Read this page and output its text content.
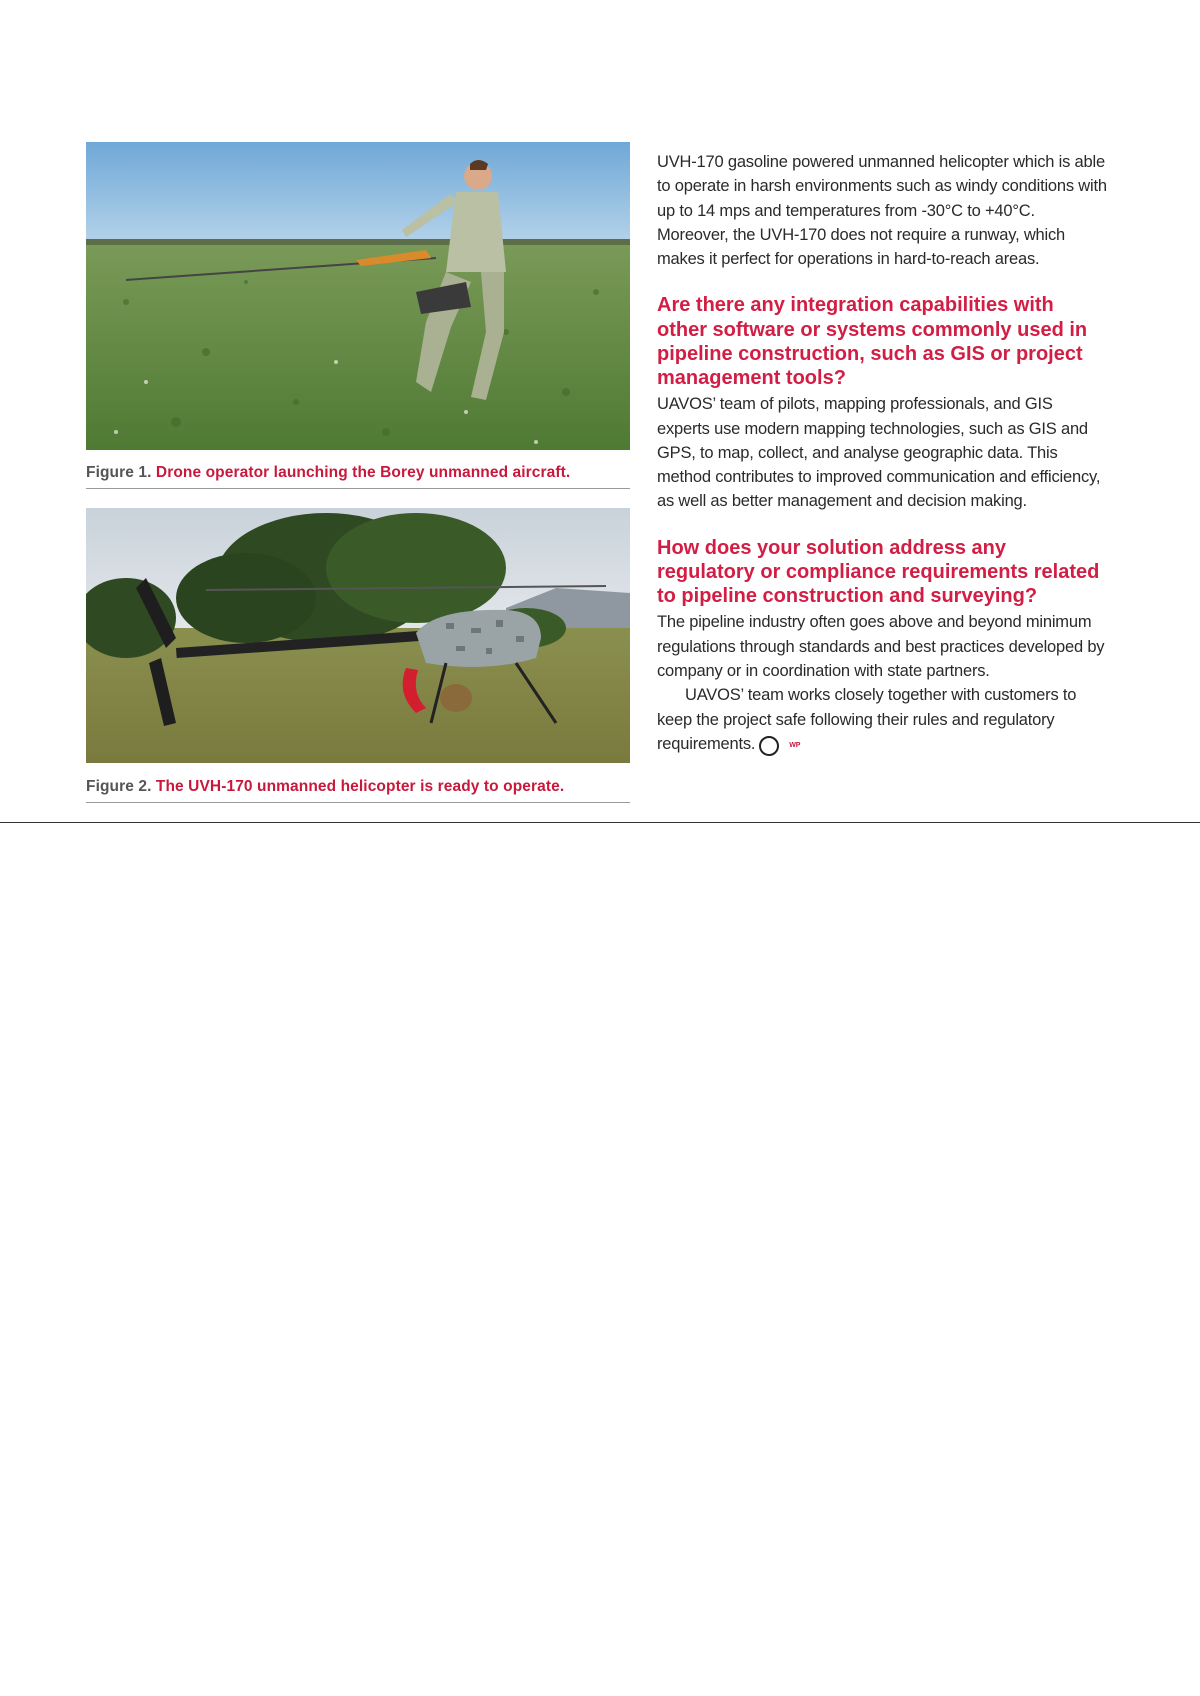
Figure 1. Drone operator launching the Borey unmanned aircraft.
Figure 2. The UVH-170 unmanned helicopter is ready to operate.

UVH-170 gasoline powered unmanned helicopter which is able to operate in harsh environments such as windy conditions with up to 14 mps and temperatures from -30°C to +40°C. Moreover, the UVH-170 does not require a runway, which makes it perfect for operations in hard-to-reach areas.

Are there any integration capabilities with other software or systems commonly used in pipeline construction, such as GIS or project management tools?

UAVOS’ team of pilots, mapping professionals, and GIS experts use modern mapping technologies, such as GIS and GPS, to map, collect, and analyse geographic data. This method contributes to improved communication and efficiency, as well as better management and decision making.

How does your solution address any regulatory or compliance requirements related to pipeline construction and surveying?

The pipeline industry often goes above and beyond minimum regulations through standards and best practices developed by company or in coordination with state partners.

UAVOS’ team works closely together with customers to keep the project safe following their rules and regulatory requirements.	WP
